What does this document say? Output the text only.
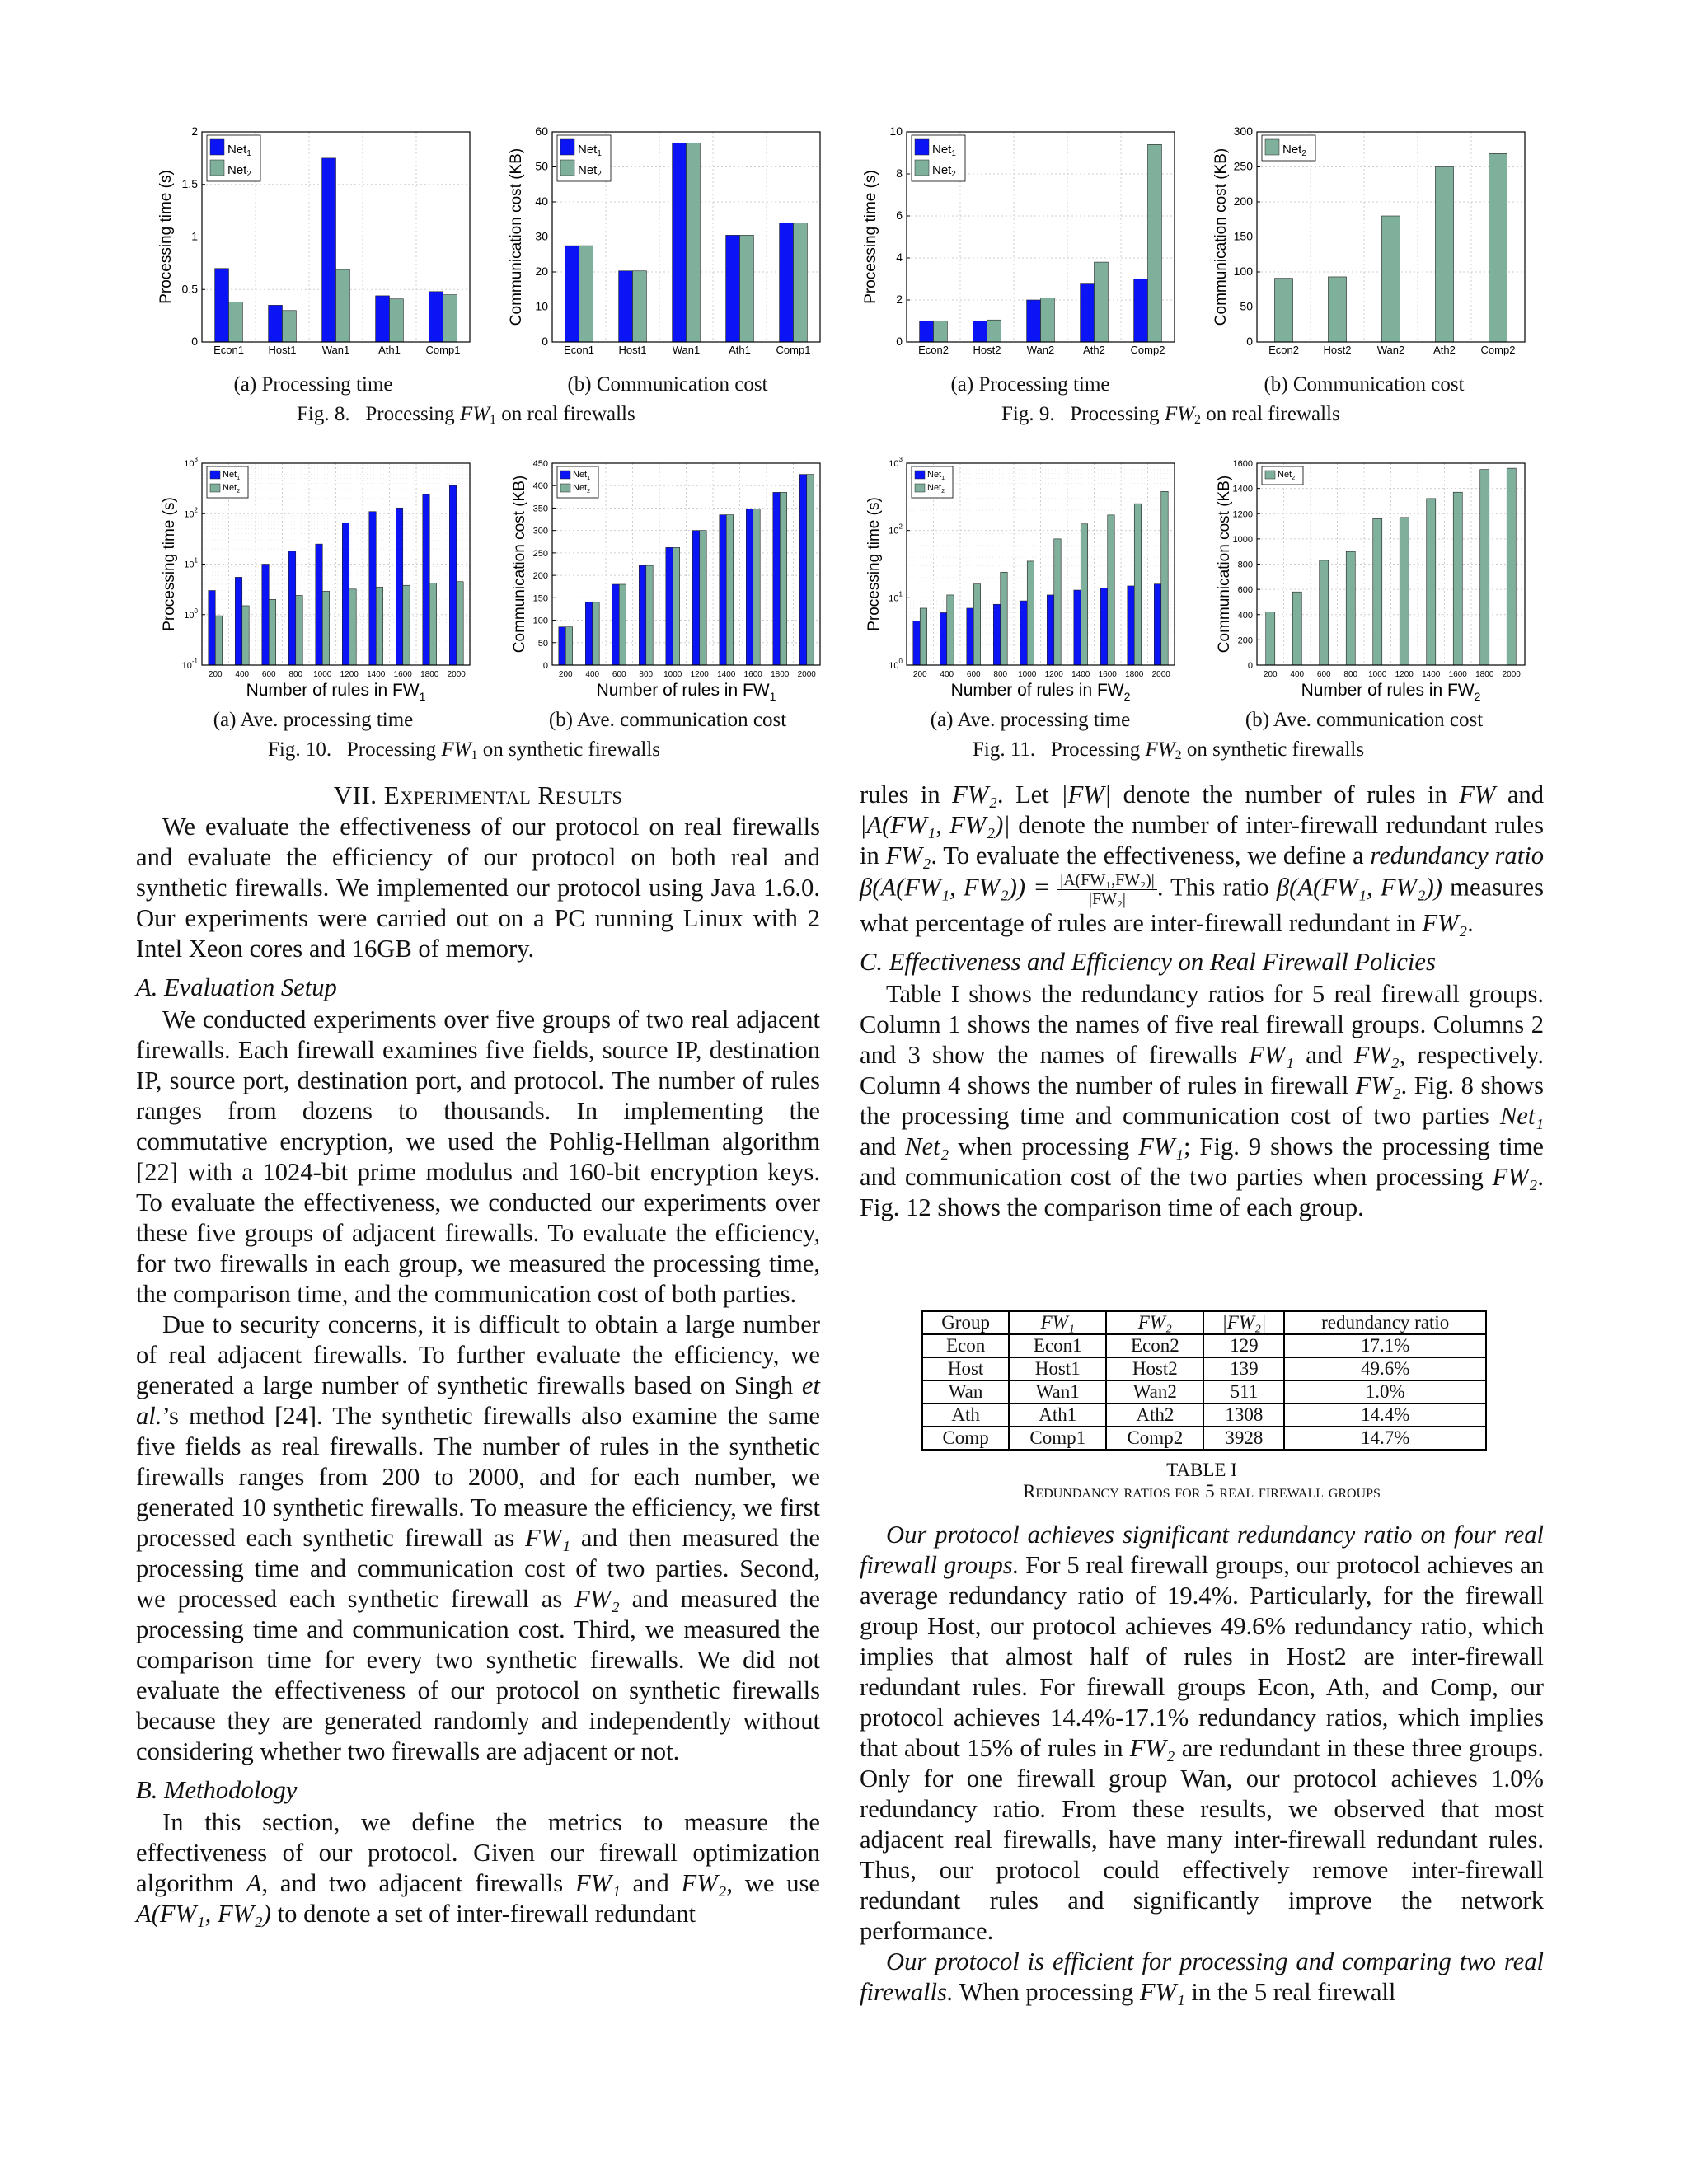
0
0.5
1
1.5
2
Econ1 Host1 Wan1	Ath1 Comp1
Processing time (s)
Net$_1$
Net$_2$
0
10
20
30
40
50
60
Econ1 Host1 Wan1	Ath1 Comp1
Communication cost (KB)	Net$_1$
Net$_2$
0
2
4
6
8
10
Econ2 Host2 Wan2	Ath2 Comp2
Processing time (s)
Net$_1$
Net$_2$
0
50
100
150
200
250
300
Econ2 Host2 Wan2	Ath2 Comp2
Communication cost (KB)	Net$_2$
(a) Processing time	(b) Communication cost	(a) Processing time	(b) Communication cost
Fig. 8. Processing $FW_1$ on real firewalls	Fig. 9. Processing $FW_2$ on real firewalls
$10^{-1}$
$10^0$
$10^1$
$10^2$
$10^3$
200 400 600 800 1000 1200 1400 1600 1800 2000
Processing time (s)
Number of rules in $FW_1$
Net$_1$
Net$_2$
0
50
100
150
200
250
300
350
400
450
200 400 600 800 1000 1200 1400 1600 1800 2000
Communication cost (KB)
Number of rules in $FW_1$
Net$_1$
Net$_2$
$10^0$
$10^1$
$10^2$
$10^3$
200 400 600 800 1000 1200 1400 1600 1800 2000
Processing time (s)
Number of rules in $FW_2$
Net$_1$
Net$_2$
0
200
400
600
800
1000
1200
1400
1600
200 400 600 800 1000 1200 1400 1600 1800 2000
Communication cost (KB)
Number of rules in $FW_2$
Net$_2$
(a) Ave. processing time	(b) Ave. communication cost	(a) Ave. processing time	(b) Ave. communication cost
Fig. 10. Processing $FW_1$ on synthetic firewalls	Fig. 11. Processing $FW_2$ on synthetic firewalls
VII. Experimental Results

We evaluate the effectiveness of our protocol on real firewalls and evaluate the efficiency of our protocol on both real and synthetic firewalls. We implemented our protocol using Java 1.6.0. Our experiments were carried out on a PC running Linux with 2 Intel Xeon cores and 16GB of memory.

A. Evaluation Setup

We conducted experiments over five groups of two real adjacent firewalls. Each firewall examines five fields, source IP, destination IP, source port, destination port, and protocol. The number of rules ranges from dozens to thousands. In implementing the commutative encryption, we used the Pohlig-Hellman algorithm [22] with a 1024-bit prime modulus and 160-bit encryption keys. To evaluate the effectiveness, we conducted our experiments over these five groups of adjacent firewalls. To evaluate the efficiency, for two firewalls in each group, we measured the processing time, the comparison time, and the communication cost of both parties.

Due to security concerns, it is difficult to obtain a large number of real adjacent firewalls. To further evaluate the efficiency, we generated a large number of synthetic firewalls based on Singh et al.’s method [24]. The synthetic firewalls also examine the same five fields as real firewalls. The number of rules in the synthetic firewalls ranges from 200 to 2000, and for each number, we generated 10 synthetic firewalls. To measure the efficiency, we first processed each synthetic firewall as FW₁ and then measured the processing time and communication cost of two parties. Second, we processed each synthetic firewall as FW₂ and measured the processing time and communication cost. Third, we measured the comparison time for every two synthetic firewalls. We did not evaluate the effectiveness of our protocol on synthetic firewalls because they are generated randomly and independently without considering whether two firewalls are adjacent or not.

B. Methodology

In this section, we define the metrics to measure the effectiveness of our protocol. Given our firewall optimization algorithm A, and two adjacent firewalls FW₁ and FW₂, we use A(FW₁, FW₂) to denote a set of inter-firewall redundant

rules in FW₂. Let |FW| denote the number of rules in FW and |A(FW₁, FW₂)| denote the number of inter-firewall redundant rules in FW₂. To evaluate the effectiveness, we define a redundancy ratio β(A(FW₁, $FW_2)) = \frac{\text{|A(FW₁,FW₂)|}}{\text{|FW₂|}}$ . This ratio β(A(FW₁, FW₂)) measures what percentage of rules are inter-firewall redundant in FW₂.

C. Effectiveness and Efficiency on Real Firewall Policies

Table I shows the redundancy ratios for 5 real firewall groups. Column 1 shows the names of five real firewall groups. Columns 2 and 3 show the names of firewalls FW₁ and FW₂, respectively. Column 4 shows the number of rules in firewall FW₂. Fig. 8 shows the processing time and communication cost of two parties Net₁ and Net₂ when processing FW₁; Fig. 9 shows the processing time and communication cost of the two parties when processing FW₂. Fig. 12 shows the comparison time of each group.

Our protocol achieves significant redundancy ratio on four real firewall groups. For 5 real firewall groups, our protocol achieves an average redundancy ratio of 19.4%. Particularly, for the firewall group Host, our protocol achieves 49.6% redundancy ratio, which implies that almost half of rules in Host2 are inter-firewall redundant rules. For firewall groups Econ, Ath, and Comp, our protocol achieves 14.4%-17.1% redundancy ratios, which implies that about 15% of rules in FW₂ are redundant in these three groups. Only for one firewall group Wan, our protocol achieves 1.0% redundancy ratio. From these results, we observed that most adjacent real firewalls, have many inter-firewall redundant rules. Thus, our protocol could effectively remove inter-firewall redundant rules and significantly improve the network performance.

Our protocol is efficient for processing and comparing two real firewalls. When processing FW₁ in the 5 real firewall

Group	FW₁	FW₂	|FW₂|	redundancy ratio
Econ	Econ1	Econ2	129	17.1%
Host	Host1	Host2	139	49.6%
Wan	Wan1	Wan2	511	1.0%
Ath	Ath1	Ath2	1308	14.4%
Comp	Comp1	Comp2	3928	14.7%
TABLE I
Redundancy ratios for 5 real firewall groups
